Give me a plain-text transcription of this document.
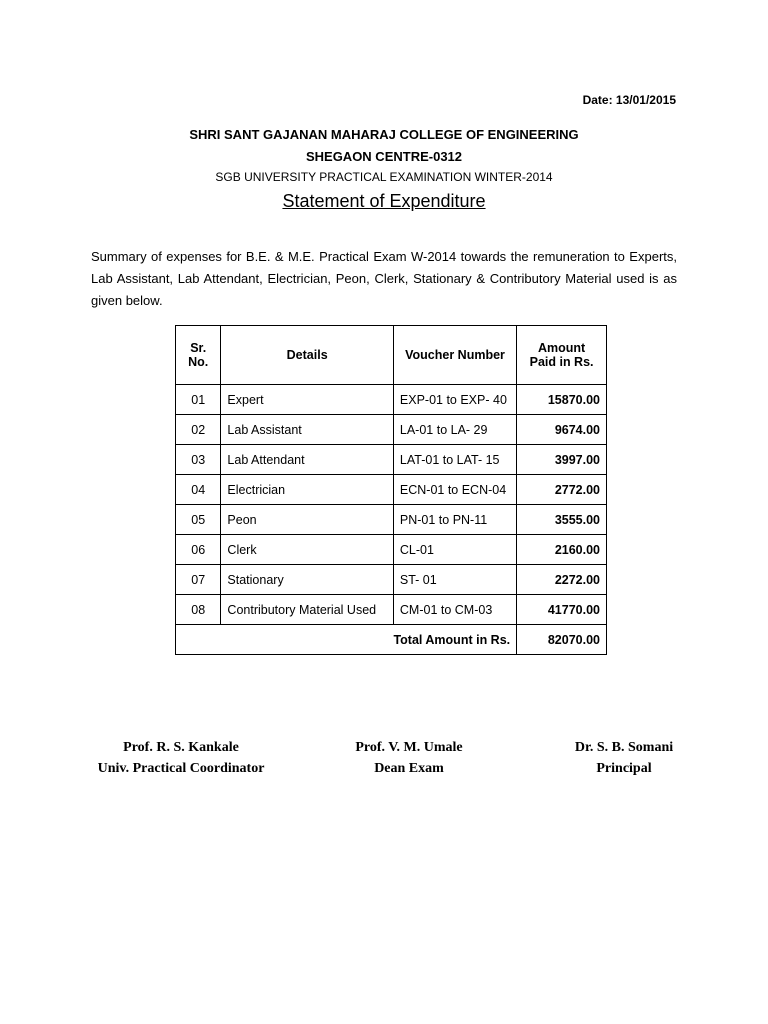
Date: 13/01/2015
SHRI SANT GAJANAN MAHARAJ COLLEGE OF ENGINEERING
SHEGAON CENTRE-0312
SGB UNIVERSITY PRACTICAL EXAMINATION WINTER-2014
Statement of Expenditure
Summary of expenses for B.E. & M.E. Practical Exam W-2014 towards the remuneration to Experts, Lab Assistant, Lab Attendant, Electrician, Peon, Clerk, Stationary & Contributory Material used is as given below.
Sr. No.	Details	Voucher Number	Amount Paid in Rs.
01	Expert	EXP-01 to EXP- 40	15870.00
02	Lab Assistant	LA-01 to LA- 29	9674.00
03	Lab Attendant	LAT-01 to LAT- 15	3997.00
04	Electrician	ECN-01 to ECN-04	2772.00
05	Peon	PN-01 to PN-11	3555.00
06	Clerk	CL-01	2160.00
07	Stationary	ST- 01	2272.00
08	Contributory Material Used	CM-01 to CM-03	41770.00
Total Amount in Rs.			82070.00
Prof. R. S. Kankale
Univ. Practical Coordinator
Prof. V. M. Umale
Dean Exam
Dr. S. B. Somani
Principal
